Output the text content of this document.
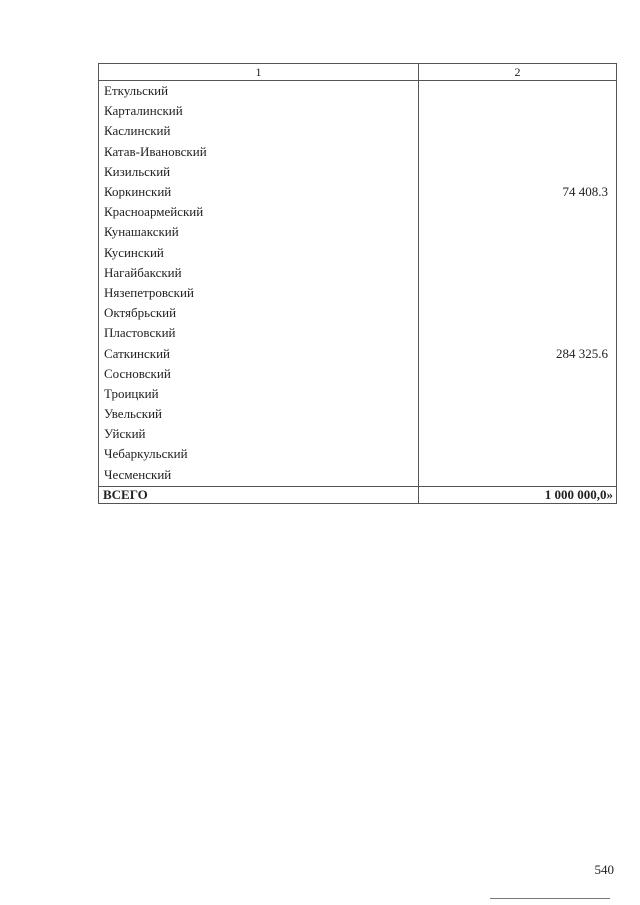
1	2
Еткульский	
Карталинский	
Каслинский	
Катав-Ивановский	
Кизильский	
Коркинский	74 408.3
Красноармейский	
Кунашакский	
Кусинский	
Нагайбакский	
Нязепетровский	
Октябрьский	
Пластовский	
Саткинский	284 325.6
Сосновский	
Троицкий	
Увельский	
Уйский	
Чебаркульский	
Чесменский	
ВСЕГО	1 000 000,0»
540
